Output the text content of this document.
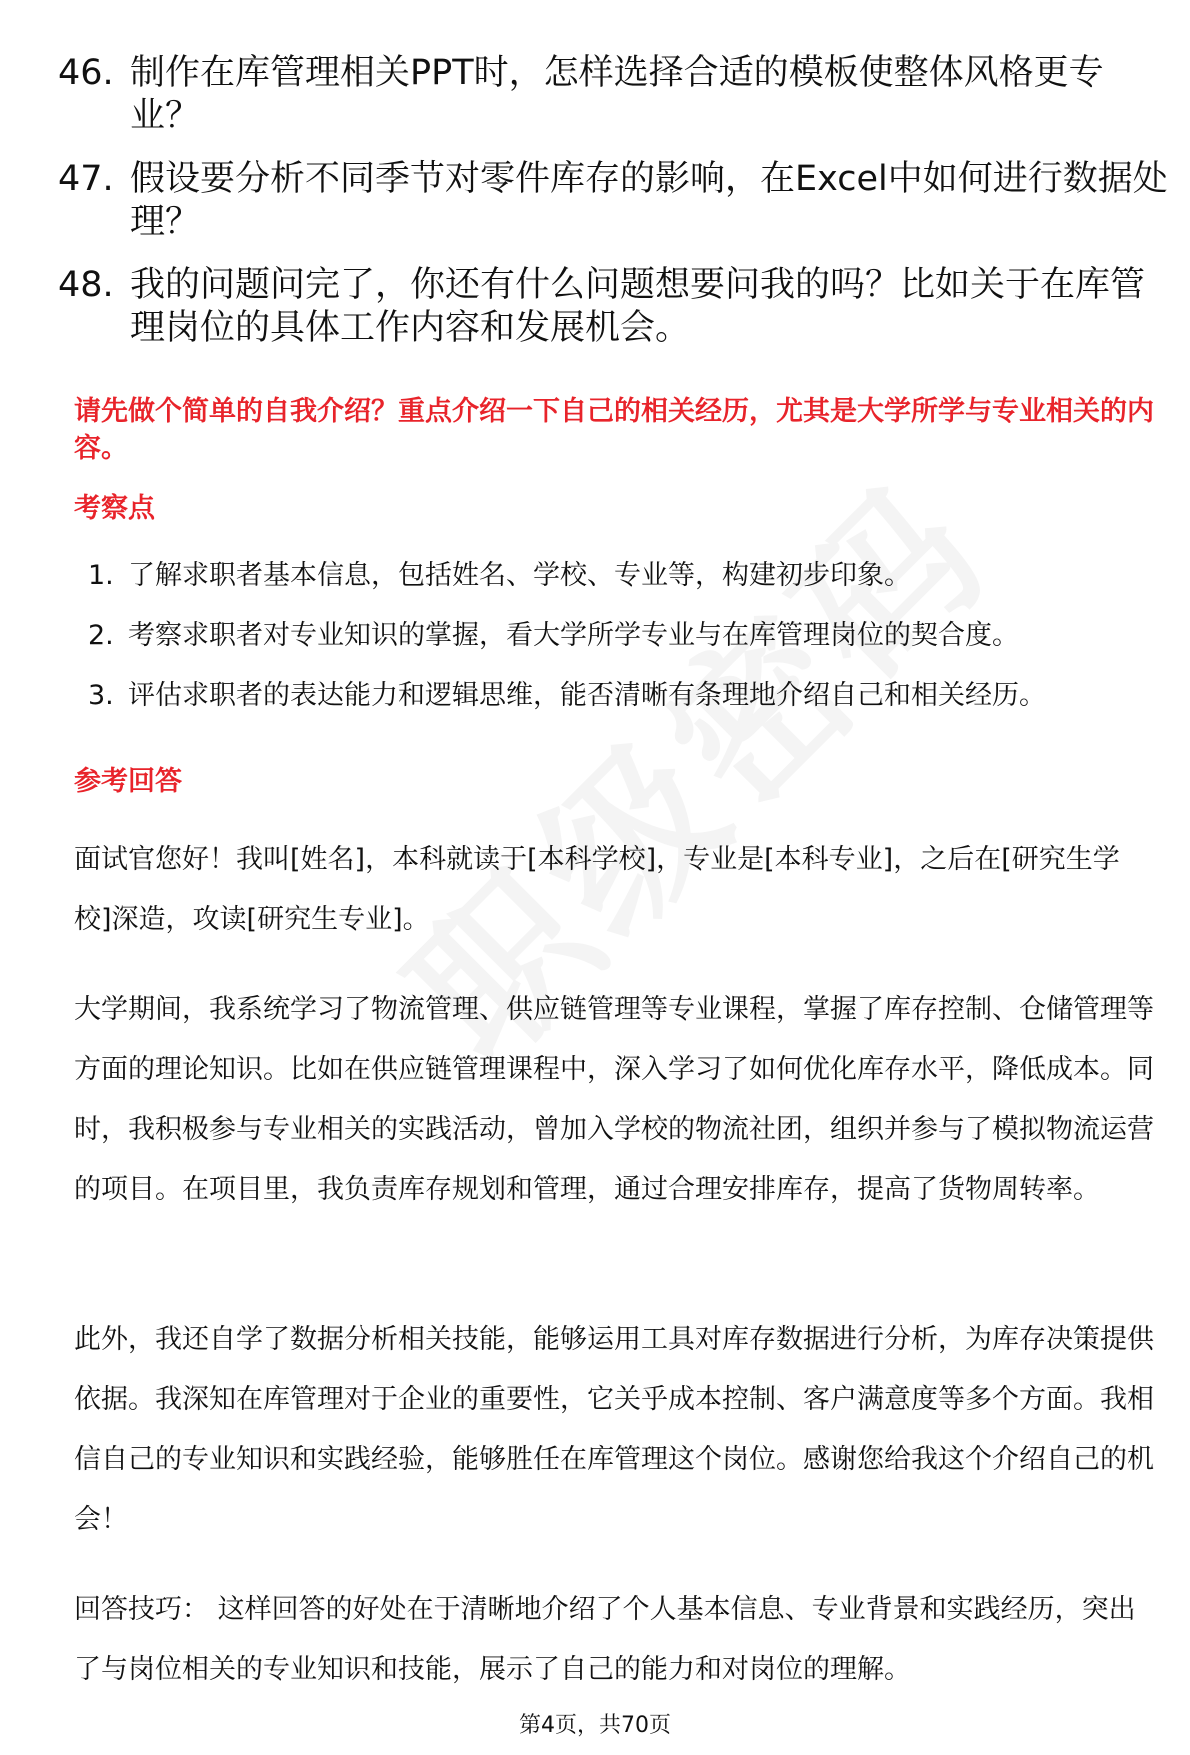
46. 制作在库管理相关PPT时，怎样选择合适的模板使整体风格更专业？
47. 假设要分析不同季节对零件库存的影响，在Excel中如何进行数据处理？
48. 我的问题问完了，你还有什么问题想要问我的吗？比如关于在库管理岗位的具体工作内容和发展机会。
请先做个简单的自我介绍？重点介绍一下自己的相关经历，尤其是大学所学与专业相关的内容。
考察点
1. 了解求职者基本信息，包括姓名、学校、专业等，构建初步印象。
2. 考察求职者对专业知识的掌握，看大学所学专业与在库管理岗位的契合度。
3. 评估求职者的表达能力和逻辑思维，能否清晰有条理地介绍自己和相关经历。
参考回答

面试官您好！我叫[姓名]，本科就读于[本科学校]，专业是[本科专业]，之后在[研究生学校]深造，攻读[研究生专业]。

大学期间，我系统学习了物流管理、供应链管理等专业课程，掌握了库存控制、仓储管理等方面的理论知识。比如在供应链管理课程中，深入学习了如何优化库存水平，降低成本。同时，我积极参与专业相关的实践活动，曾加入学校的物流社团，组织并参与了模拟物流运营的项目。在项目里，我负责库存规划和管理，通过合理安排库存，提高了货物周转率。

此外，我还自学了数据分析相关技能，能够运用工具对库存数据进行分析，为库存决策提供依据。我深知在库管理对于企业的重要性，它关乎成本控制、客户满意度等多个方面。我相信自己的专业知识和实践经验，能够胜任在库管理这个岗位。感谢您给我这个介绍自己的机会！

回答技巧： 这样回答的好处在于清晰地介绍了个人基本信息、专业背景和实践经历，突出了与岗位相关的专业知识和技能，展示了自己的能力和对岗位的理解。

第4页，共70页
